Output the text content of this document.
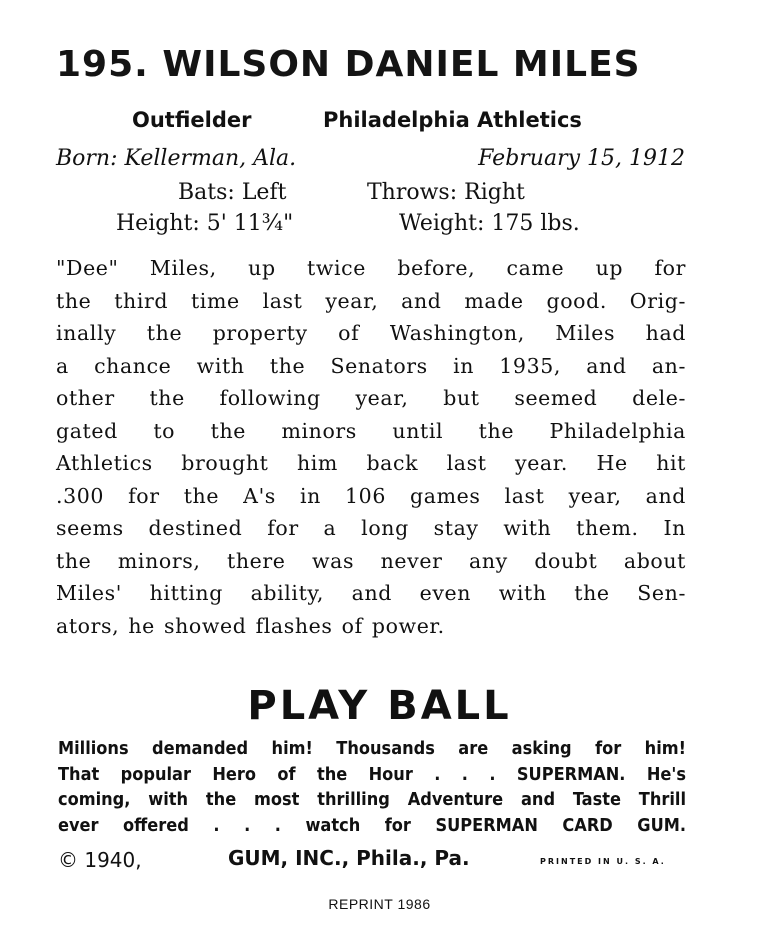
195. WILSON DANIEL MILES
Outfielder	Philadelphia Athletics
Born: Kellerman, Ala.	February 15, 1912
Bats: Left	Throws: Right
Height: 5' 11¾"	Weight: 175 lbs.
"Dee" Miles, up twice before, came up for
the third time last year, and made good. Orig-
inally the property of Washington, Miles had
a chance with the Senators in 1935, and an-
other the following year, but seemed dele-
gated to the minors until the Philadelphia
Athletics brought him back last year. He hit
.300 for the A's in 106 games last year, and
seems destined for a long stay with them. In
the minors, there was never any doubt about
Miles' hitting ability, and even with the Sen-
ators, he showed flashes of power.
PLAY BALL
Millions demanded him! Thousands are asking for him!
That popular Hero of the Hour . . . SUPERMAN. He's
coming, with the most thrilling Adventure and Taste Thrill
ever offered . . . watch for SUPERMAN CARD GUM.
© 1940,	GUM, INC., Phila., Pa.	PRINTED IN U. S. A.
REPRINT 1986
